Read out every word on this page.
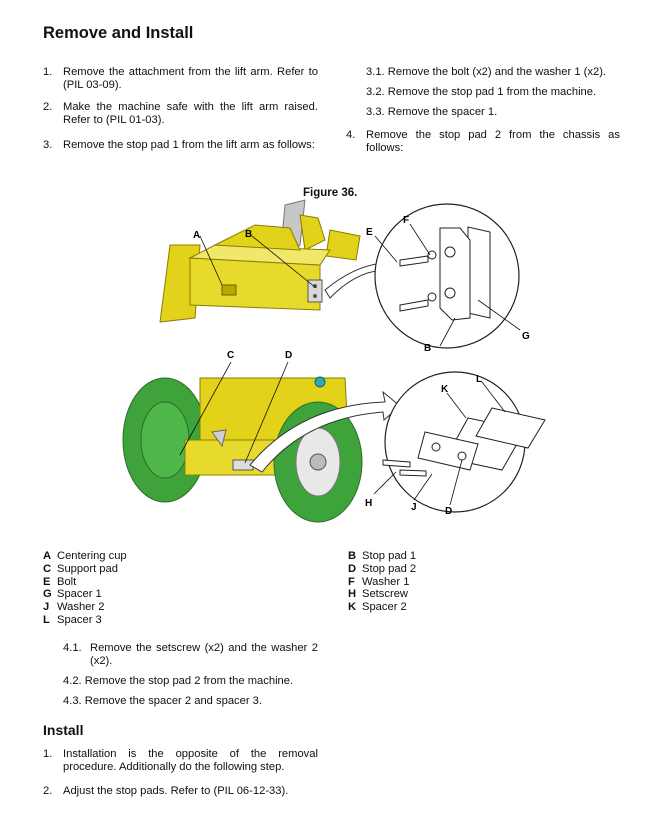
Remove and Install
1. Remove the attachment from the lift arm. Refer to (PIL 03-09).
2. Make the machine safe with the lift arm raised. Refer to (PIL 01-03).
3. Remove the stop pad 1 from the lift arm as follows:
3.1. Remove the bolt (x2) and the washer 1 (x2).
3.2. Remove the stop pad 1 from the machine.
3.3. Remove the spacer 1.
4. Remove the stop pad 2 from the chassis as follows:
Figure 36.
A	B
C	D
E
F
G
B
K
L
H	J	D
A Centering cup
C Support pad
E Bolt
G Spacer 1
J Washer 2
L Spacer 3
B Stop pad 1
D Stop pad 2
F Washer 1
H Setscrew
K Spacer 2
4.1. Remove the setscrew (x2) and the washer 2 (x2).
4.2. Remove the stop pad 2 from the machine.
4.3. Remove the spacer 2 and spacer 3.
Install
1. Installation is the opposite of the removal procedure. Additionally do the following step.
2. Adjust the stop pads. Refer to (PIL 06-12-33).
